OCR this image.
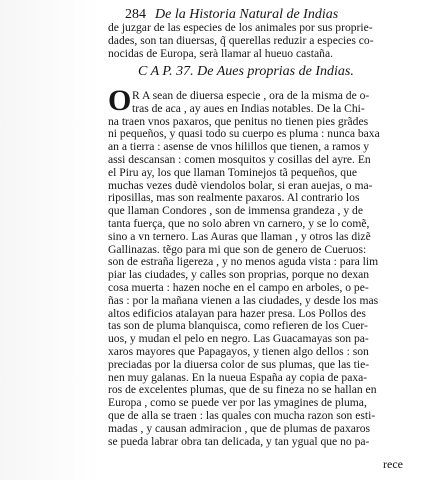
284 De la Historia Natural de Indias
de juzgar de las especies de los animales por sus proprie-
dades, son tan diuersas, q̃ querellas reduzir a especies co-
nocidas de Europa, serà llamar al hueuo castaña.
C A P. 37. De Aues proprias de Indias.
O R A sean de diuersa especie , ora de la misma de o-
tras de aca , ay aues en Indias notables. De la Chi-
na traen vnos paxaros, que penitus no tienen pies grãdes
ni pequeños, y quasi todo su cuerpo es pluma : nunca baxa
an a tierra : asense de vnos hilillos que tienen, a ramos y
assi descansan : comen mosquitos y cosillas del ayre. En
el Piru ay, los que llaman Tominejos tã pequeños, que
muchas vezes dudè viendolos bolar, si eran auejas, o ma-
riposillas, mas son realmente paxaros. Al contrario los
que llaman Condores , son de immensa grandeza , y de
tanta fuerça, que no solo abren vn carnero, y se lo comẽ,
sino a vn ternero. Las Auras que llaman , y otros las dizẽ
Gallinazas. tẽgo para mi que son de genero de Cueruos:
son de estraña ligereza , y no menos aguda vista : para lim
piar las ciudades, y calles son proprias, porque no dexan
cosa muerta : hazen noche en el campo en arboles, o pe-
ñas : por la mañana vienen a las ciudades, y desde los mas
altos edificios atalayan para hazer presa. Los Pollos des
tas son de pluma blanquisca, como refieren de los Cuer-
uos, y mudan el pelo en negro. Las Guacamayas son pa-
xaros mayores que Papagayos, y tienen algo dellos : son
preciadas por la diuersa color de sus plumas, que las tie-
nen muy galanas. En la nueua España ay copia de paxa-
ros de excelentes plumas, que de su fineza no se hallan en
Europa , como se puede ver por las ymagines de pluma,
que de alla se traen : las quales con mucha razon son esti-
madas , y causan admiracion , que de plumas de paxaros
se pueda labrar obra tan delicada, y tan ygual que no pa-
rece
